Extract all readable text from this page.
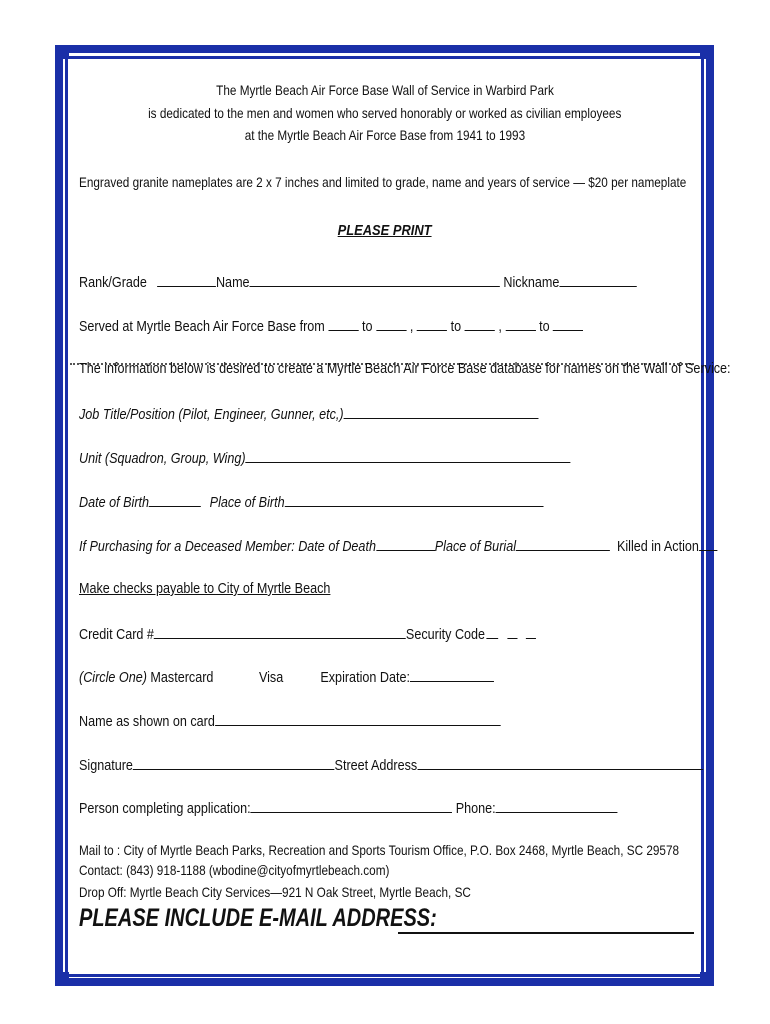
The Myrtle Beach Air Force Base Wall of Service in Warbird Park
is dedicated to the men and women who served honorably or worked as civilian employees
at the Myrtle Beach Air Force Base from 1941 to 1993
Engraved granite nameplates are 2 x 7 inches and limited to grade, name and years of service — $20 per nameplate
PLEASE PRINT
Rank/Grade	Name	Nickname
Served at Myrtle Beach Air Force Base from to , to , to
The information below is desired to create a Myrtle Beach Air Force Base database for names on the Wall of Service:
Job Title/Position (Pilot, Engineer, Gunner, etc,)
Unit (Squadron, Group, Wing)
Date of Birth	Place of Birth
If Purchasing for a Deceased Member: Date of Death	Place of Burial	Killed in Action
Make checks payable to City of Myrtle Beach
Credit Card #	Security Code
(Circle One) Mastercard	Visa Expiration Date:
Name as shown on card
Signature	Street Address
Person completing application:	Phone:
Mail to : City of Myrtle Beach Parks, Recreation and Sports Tourism Office, P.O. Box 2468, Myrtle Beach, SC 29578
Contact: (843) 918-1188 (wbodine@cityofmyrtlebeach.com)
Drop Off: Myrtle Beach City Services—921 N Oak Street, Myrtle Beach, SC
PLEASE INCLUDE E-MAIL ADDRESS:
